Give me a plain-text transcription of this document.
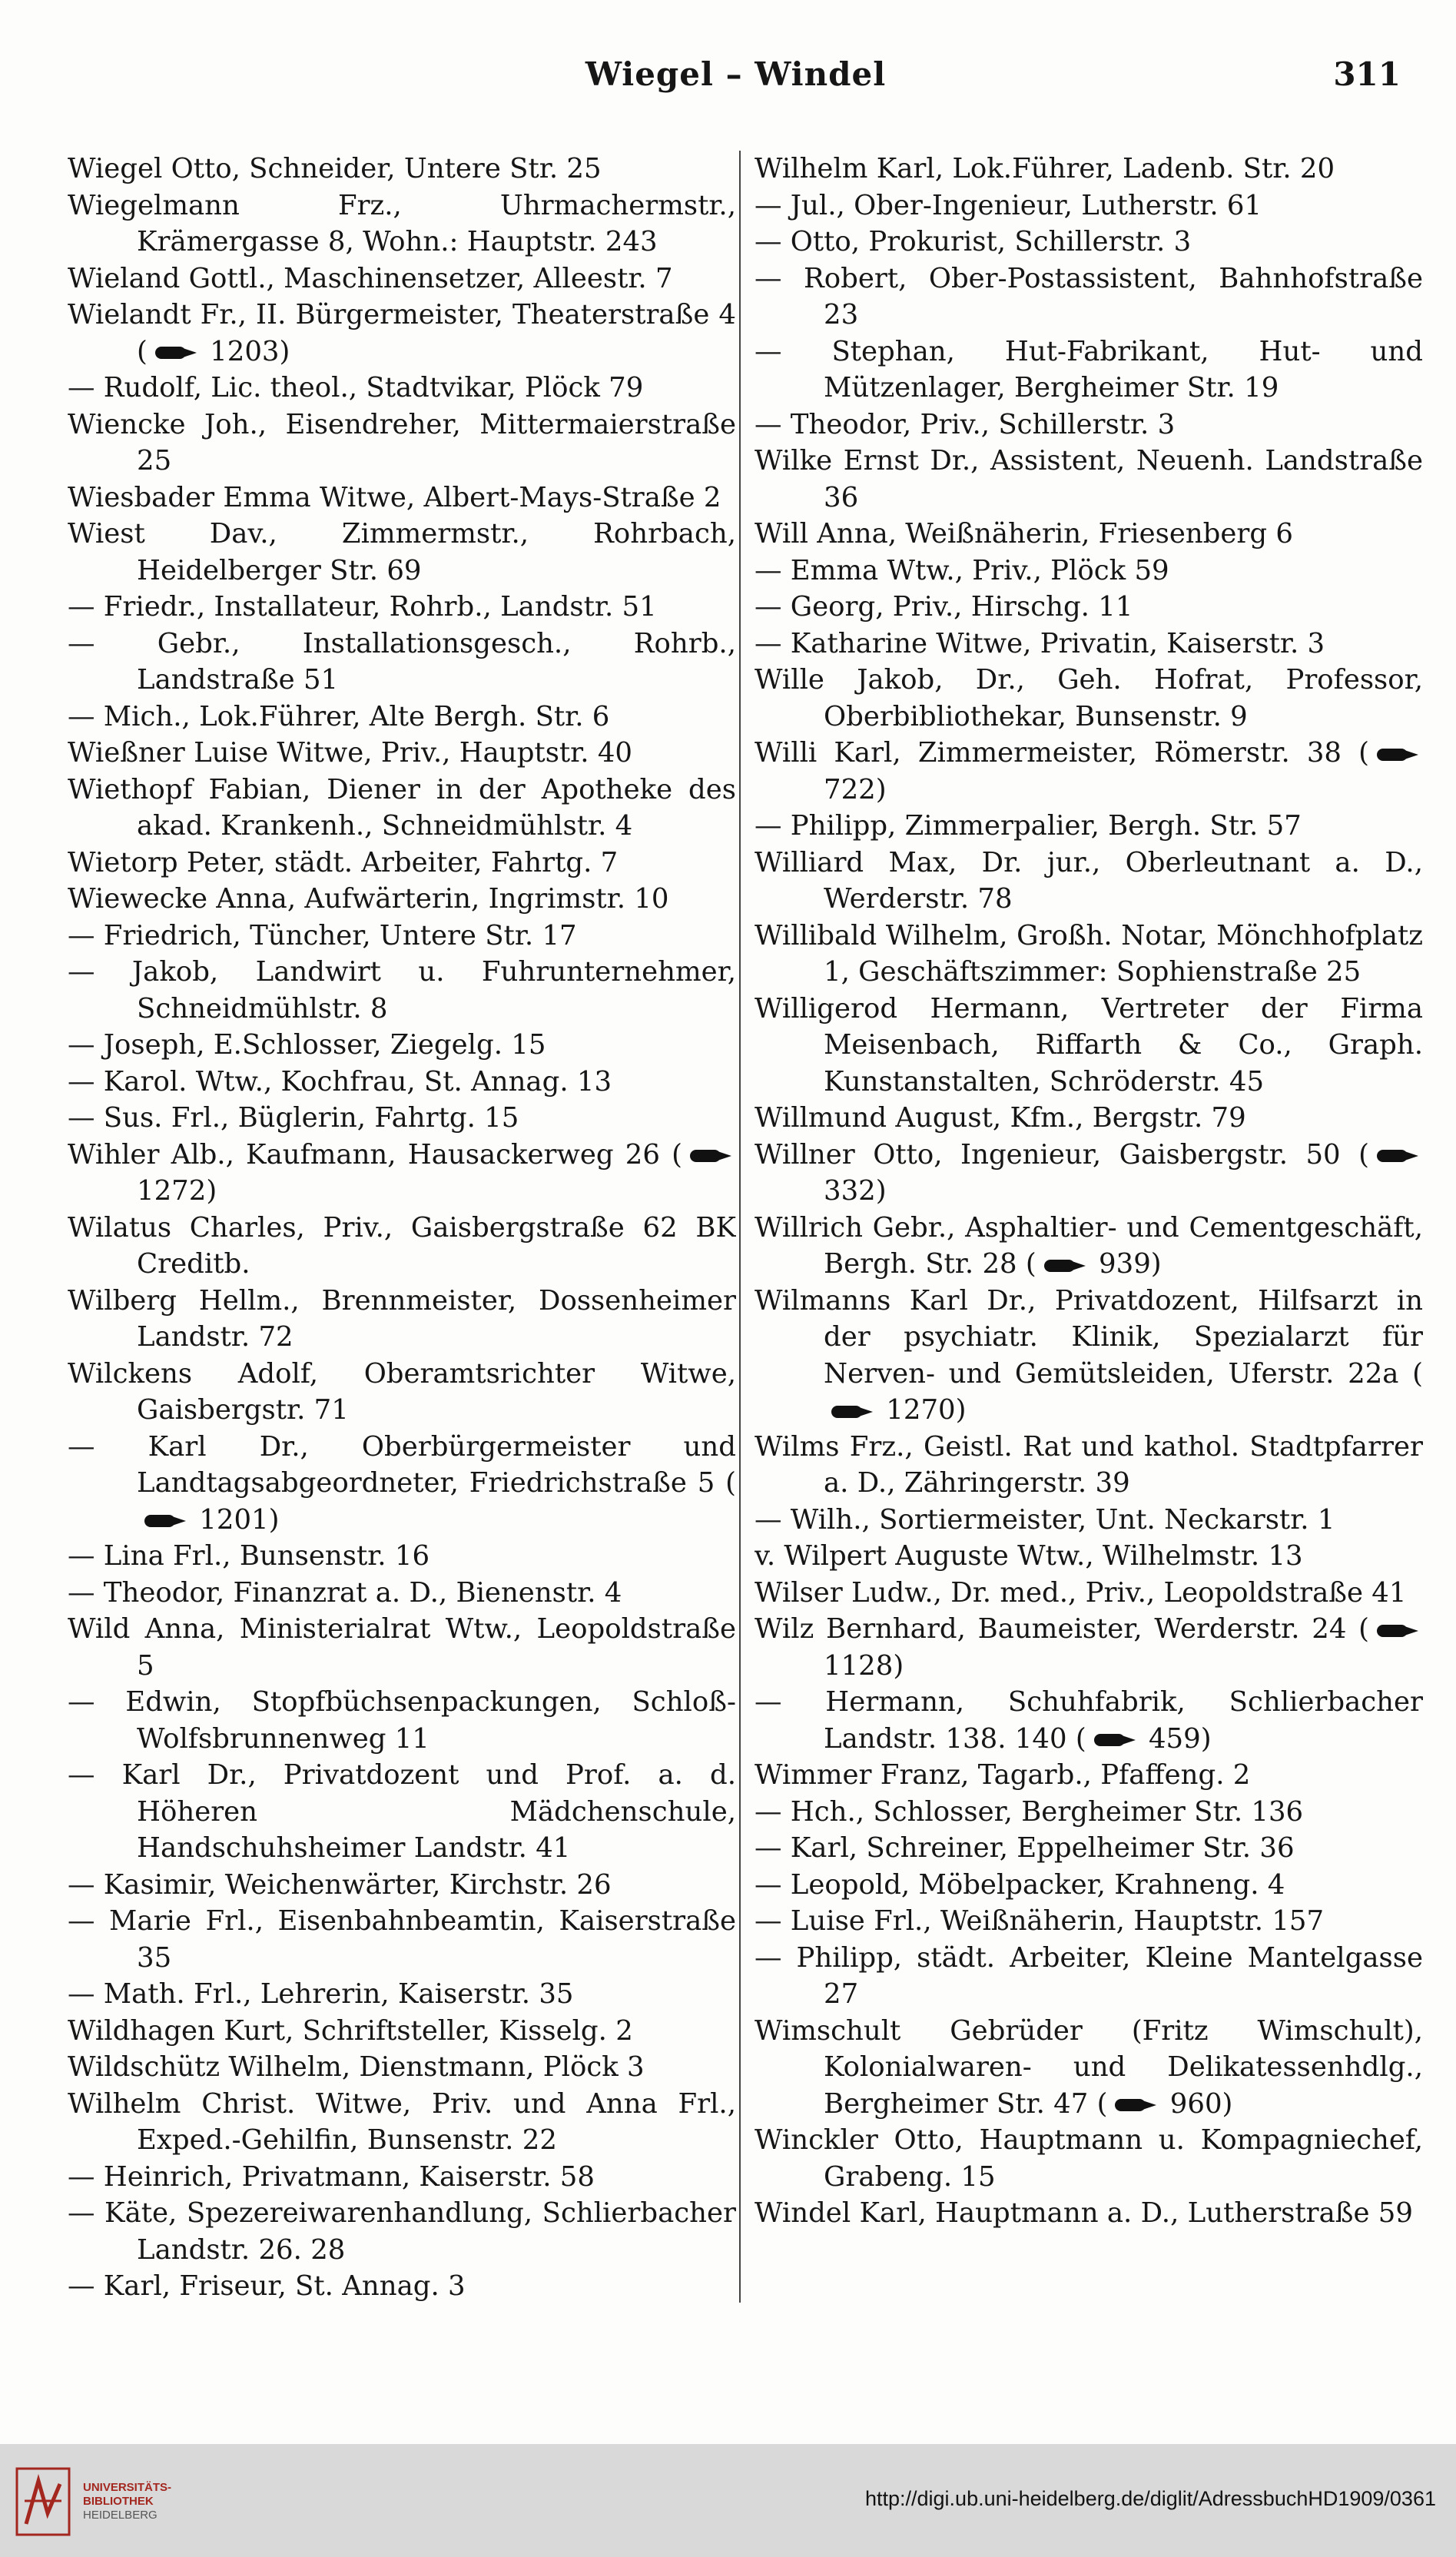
Wiegel – Windel	311

Wiegel Otto, Schneider, Untere Str. 25

Wiegelmann Frz., Uhrmachermstr., Krämergasse 8, Wohn.: Hauptstr. 243

Wieland Gottl., Maschinensetzer, Alleestr. 7

Wielandt Fr., II. Bürgermeister, Theaterstraße 4 ( 1203)

— Rudolf, Lic. theol., Stadtvikar, Plöck 79

Wiencke Joh., Eisendreher, Mittermaierstraße 25

Wiesbader Emma Witwe, Albert-Mays-Straße 2

Wiest Dav., Zimmermstr., Rohrbach, Heidelberger Str. 69

— Friedr., Installateur, Rohrb., Landstr. 51

— Gebr., Installationsgesch., Rohrb., Landstraße 51

— Mich., Lok.Führer, Alte Bergh. Str. 6

Wießner Luise Witwe, Priv., Hauptstr. 40

Wiethopf Fabian, Diener in der Apotheke des akad. Krankenh., Schneidmühlstr. 4

Wietorp Peter, städt. Arbeiter, Fahrtg. 7

Wiewecke Anna, Aufwärterin, Ingrimstr. 10

— Friedrich, Tüncher, Untere Str. 17

— Jakob, Landwirt u. Fuhrunternehmer, Schneidmühlstr. 8

— Joseph, E.Schlosser, Ziegelg. 15

— Karol. Wtw., Kochfrau, St. Annag. 13

— Sus. Frl., Büglerin, Fahrtg. 15

Wihler Alb., Kaufmann, Hausackerweg 26 ( 1272)

Wilatus Charles, Priv., Gaisbergstraße 62 BK Creditb.

Wilberg Hellm., Brennmeister, Dossenheimer Landstr. 72

Wilckens Adolf, Oberamtsrichter Witwe, Gaisbergstr. 71

— Karl Dr., Oberbürgermeister und Landtagsabgeordneter, Friedrichstraße 5 ( 1201)

— Lina Frl., Bunsenstr. 16

— Theodor, Finanzrat a. D., Bienenstr. 4

Wild Anna, Ministerialrat Wtw., Leopoldstraße 5

— Edwin, Stopfbüchsenpackungen, Schloß-Wolfsbrunnenweg 11

— Karl Dr., Privatdozent und Prof. a. d. Höheren Mädchenschule, Handschuhsheimer Landstr. 41

— Kasimir, Weichenwärter, Kirchstr. 26

— Marie Frl., Eisenbahnbeamtin, Kaiserstraße 35

— Math. Frl., Lehrerin, Kaiserstr. 35

Wildhagen Kurt, Schriftsteller, Kisselg. 2

Wildschütz Wilhelm, Dienstmann, Plöck 3

Wilhelm Christ. Witwe, Priv. und Anna Frl., Exped.-Gehilfin, Bunsenstr. 22

— Heinrich, Privatmann, Kaiserstr. 58

— Käte, Spezereiwarenhandlung, Schlierbacher Landstr. 26. 28

— Karl, Friseur, St. Annag. 3

Wilhelm Karl, Lok.Führer, Ladenb. Str. 20

— Jul., Ober-Ingenieur, Lutherstr. 61

— Otto, Prokurist, Schillerstr. 3

— Robert, Ober-Postassistent, Bahnhofstraße 23

— Stephan, Hut-Fabrikant, Hut- und Mützenlager, Bergheimer Str. 19

— Theodor, Priv., Schillerstr. 3

Wilke Ernst Dr., Assistent, Neuenh. Landstraße 36

Will Anna, Weißnäherin, Friesenberg 6

— Emma Wtw., Priv., Plöck 59

— Georg, Priv., Hirschg. 11

— Katharine Witwe, Privatin, Kaiserstr. 3

Wille Jakob, Dr., Geh. Hofrat, Professor, Oberbibliothekar, Bunsenstr. 9

Willi Karl, Zimmermeister, Römerstr. 38 ( 722)

— Philipp, Zimmerpalier, Bergh. Str. 57

Williard Max, Dr. jur., Oberleutnant a. D., Werderstr. 78

Willibald Wilhelm, Großh. Notar, Mönchhofplatz 1, Geschäftszimmer: Sophienstraße 25

Willigerod Hermann, Vertreter der Firma Meisenbach, Riffarth & Co., Graph. Kunstanstalten, Schröderstr. 45

Willmund August, Kfm., Bergstr. 79

Willner Otto, Ingenieur, Gaisbergstr. 50 ( 332)

Willrich Gebr., Asphaltier- und Cementgeschäft, Bergh. Str. 28 ( 939)

Wilmanns Karl Dr., Privatdozent, Hilfsarzt in der psychiatr. Klinik, Spezialarzt für Nerven- und Gemütsleiden, Uferstr. 22a ( 1270)

Wilms Frz., Geistl. Rat und kathol. Stadtpfarrer a. D., Zähringerstr. 39

— Wilh., Sortiermeister, Unt. Neckarstr. 1

v. Wilpert Auguste Wtw., Wilhelmstr. 13

Wilser Ludw., Dr. med., Priv., Leopoldstraße 41

Wilz Bernhard, Baumeister, Werderstr. 24 ( 1128)

— Hermann, Schuhfabrik, Schlierbacher Landstr. 138. 140 ( 459)

Wimmer Franz, Tagarb., Pfaffeng. 2

— Hch., Schlosser, Bergheimer Str. 136

— Karl, Schreiner, Eppelheimer Str. 36

— Leopold, Möbelpacker, Krahneng. 4

— Luise Frl., Weißnäherin, Hauptstr. 157

— Philipp, städt. Arbeiter, Kleine Mantelgasse 27

Wimschult Gebrüder (Fritz Wimschult), Kolonialwaren- und Delikatessenhdlg., Bergheimer Str. 47 ( 960)

Winckler Otto, Hauptmann u. Kompagniechef, Grabeng. 15

Windel Karl, Hauptmann a. D., Lutherstraße 59

UNIVERSITÄTS-
BIBLIOTHEK
HEIDELBERG
http://digi.ub.uni-heidelberg.de/diglit/AdressbuchHD1909/0361
